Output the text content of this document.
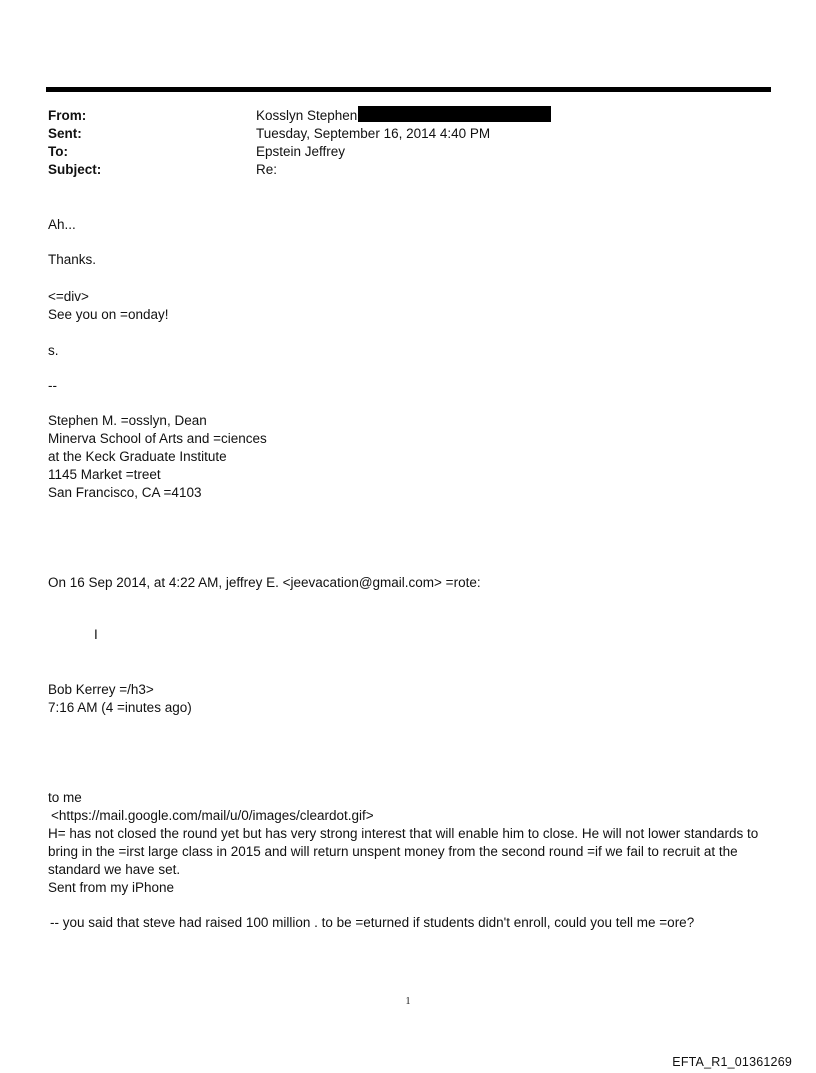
From:	Kosslyn Stephen
Sent:	Tuesday, September 16, 2014 4:40 PM
To:	Epstein Jeffrey
Subject:	Re:
Ah...
Thanks.
<=div>
See you on =onday!
s.
--
Stephen M. =osslyn, Dean
Minerva School of Arts and =ciences
at the Keck Graduate Institute
1145 Market =treet
San Francisco, CA =4103
On 16 Sep 2014, at 4:22 AM, jeffrey E. <jeevacation@gmail.com> =rote:
I
Bob Kerrey =/h3>
7:16 AM (4 =inutes ago)
to me
<https://mail.google.com/mail/u/0/images/cleardot.gif>
H= has not closed the round yet but has very strong interest that will enable him to close. He will not lower standards to bring in the =irst large class in 2015 and will return unspent money from the second round =if we fail to recruit at the standard we have set.
Sent from my iPhone
-- you said that steve had raised 100 million . to be =eturned if students didn't enroll, could you tell me =ore?
1
EFTA_R1_01361269
